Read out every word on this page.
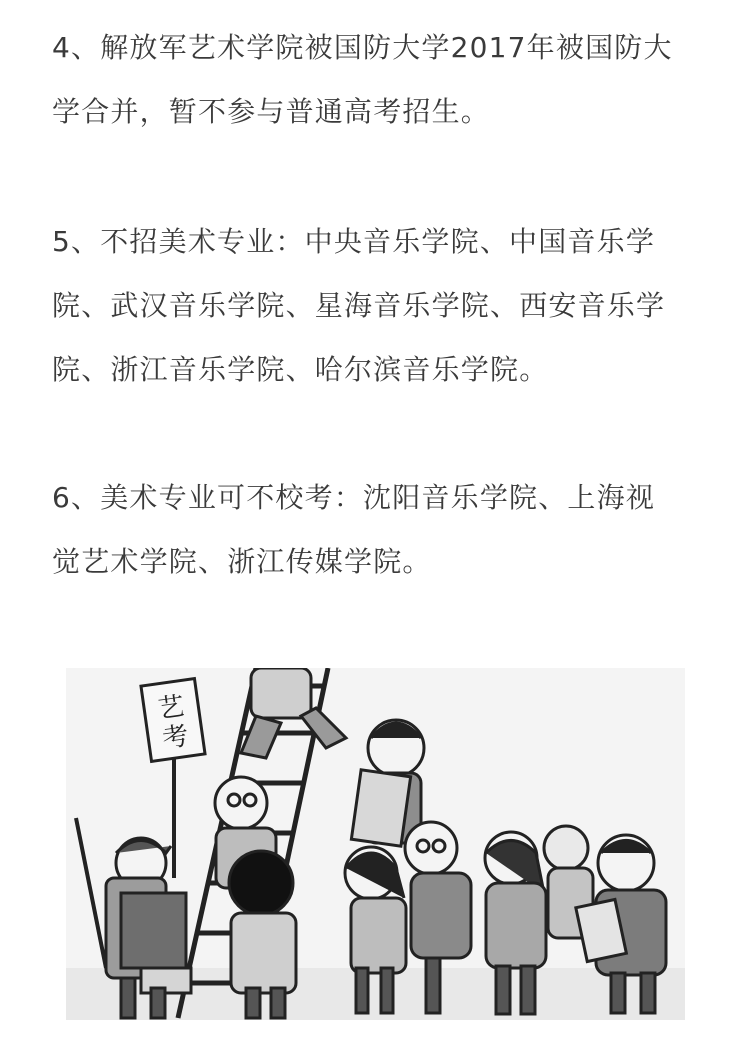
4、解放军艺术学院被国防大学2017年被国防大
学合并，暂不参与普通高考招生。

5、不招美术专业：中央音乐学院、中国音乐学
院、武汉音乐学院、星海音乐学院、西安音乐学
院、浙江音乐学院、哈尔滨音乐学院。

6、美术专业可不校考：沈阳音乐学院、上海视
觉艺术学院、浙江传媒学院。

艺
考
